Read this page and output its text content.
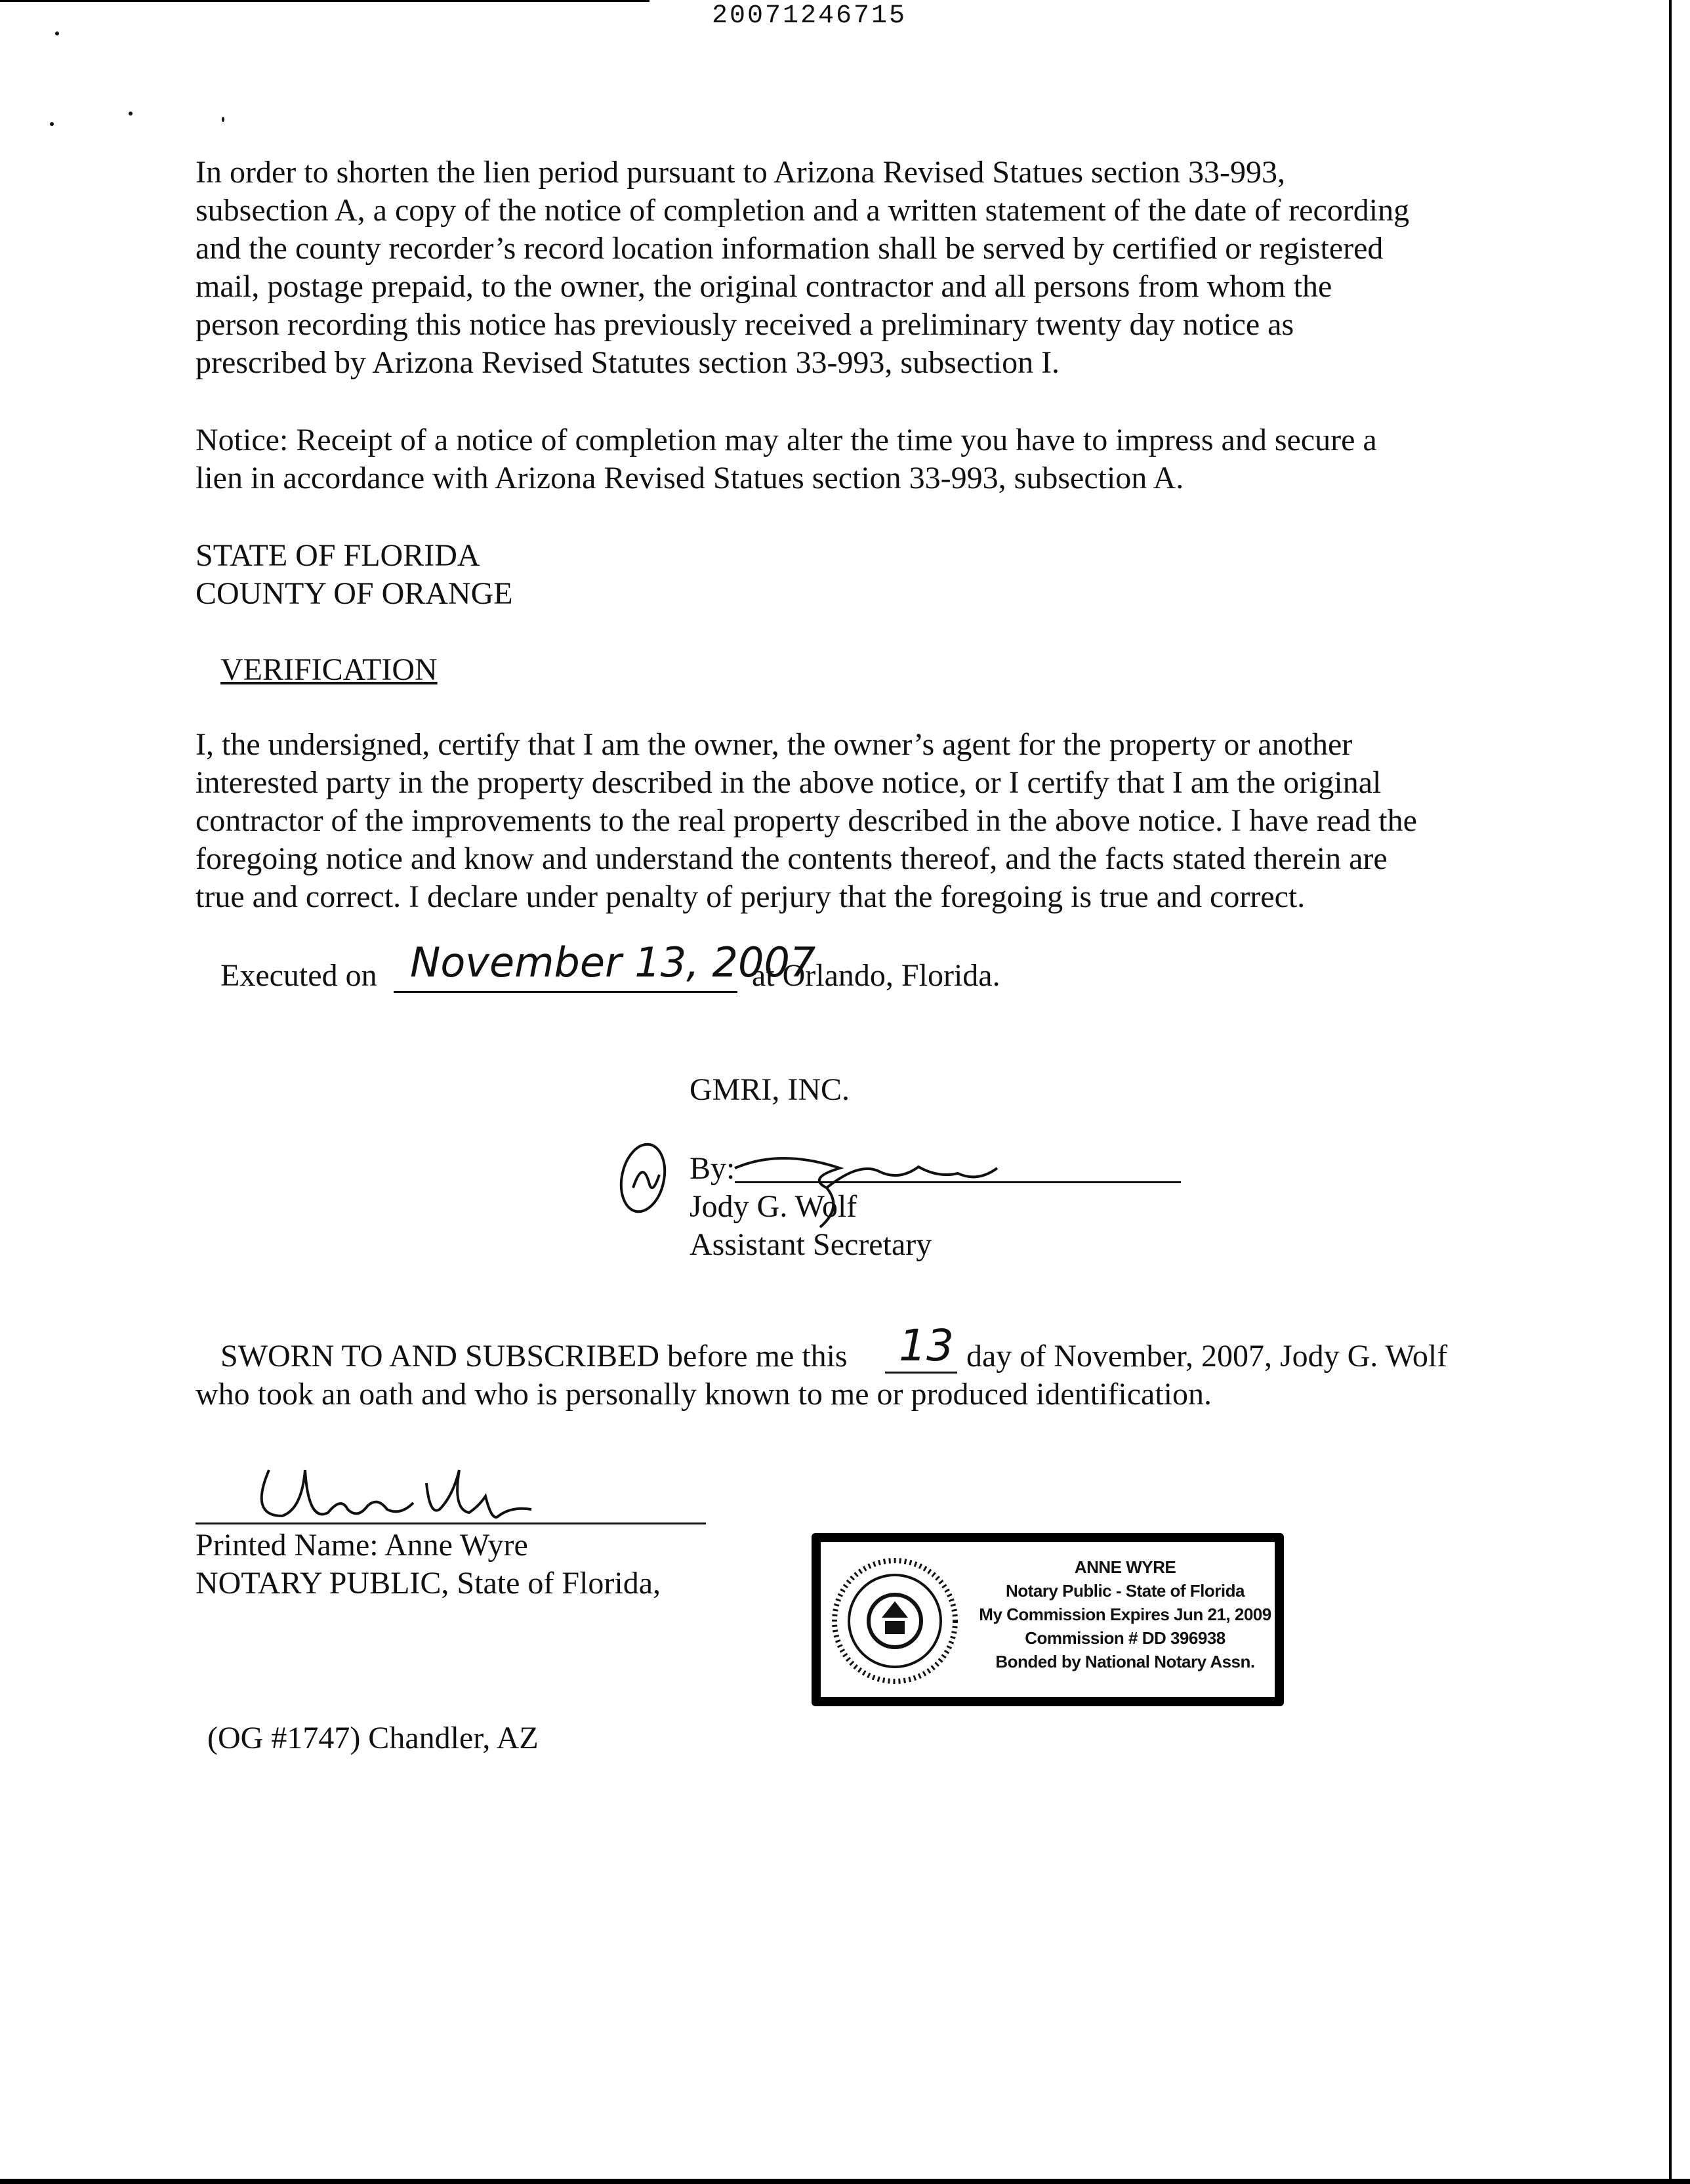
20071246715
In order to shorten the lien period pursuant to Arizona Revised Statues section 33-993,
subsection A, a copy of the notice of completion and a written statement of the date of recording
and the county recorder’s record location information shall be served by certified or registered
mail, postage prepaid, to the owner, the original contractor and all persons from whom the
person recording this notice has previously received a preliminary twenty day notice as
prescribed by Arizona Revised Statutes section 33-993, subsection I.
Notice: Receipt of a notice of completion may alter the time you have to impress and secure a
lien in accordance with Arizona Revised Statues section 33-993, subsection A.
STATE OF FLORIDA
COUNTY OF ORANGE
VERIFICATION
I, the undersigned, certify that I am the owner, the owner’s agent for the property or another
interested party in the property described in the above notice, or I certify that I am the original
contractor of the improvements to the real property described in the above notice. I have read the
foregoing notice and know and understand the contents thereof, and the facts stated therein are
true and correct. I declare under penalty of perjury that the foregoing is true and correct.
Executed on November 13, 2007
at Orlando, Florida.
GMRI, INC.
By:
Jody G. Wolf
Assistant Secretary
SWORN TO AND SUBSCRIBED before me this 13 day of November, 2007, Jody G. Wolf
who took an oath and who is personally known to me or produced identification.
Printed Name: Anne Wyre
NOTARY PUBLIC, State of Florida,	ANNE WYRE
Notary Public - State of Florida
My Commission Expires Jun 21, 2009
Commission # DD 396938
Bonded by National Notary Assn.
(OG #1747) Chandler, AZ
